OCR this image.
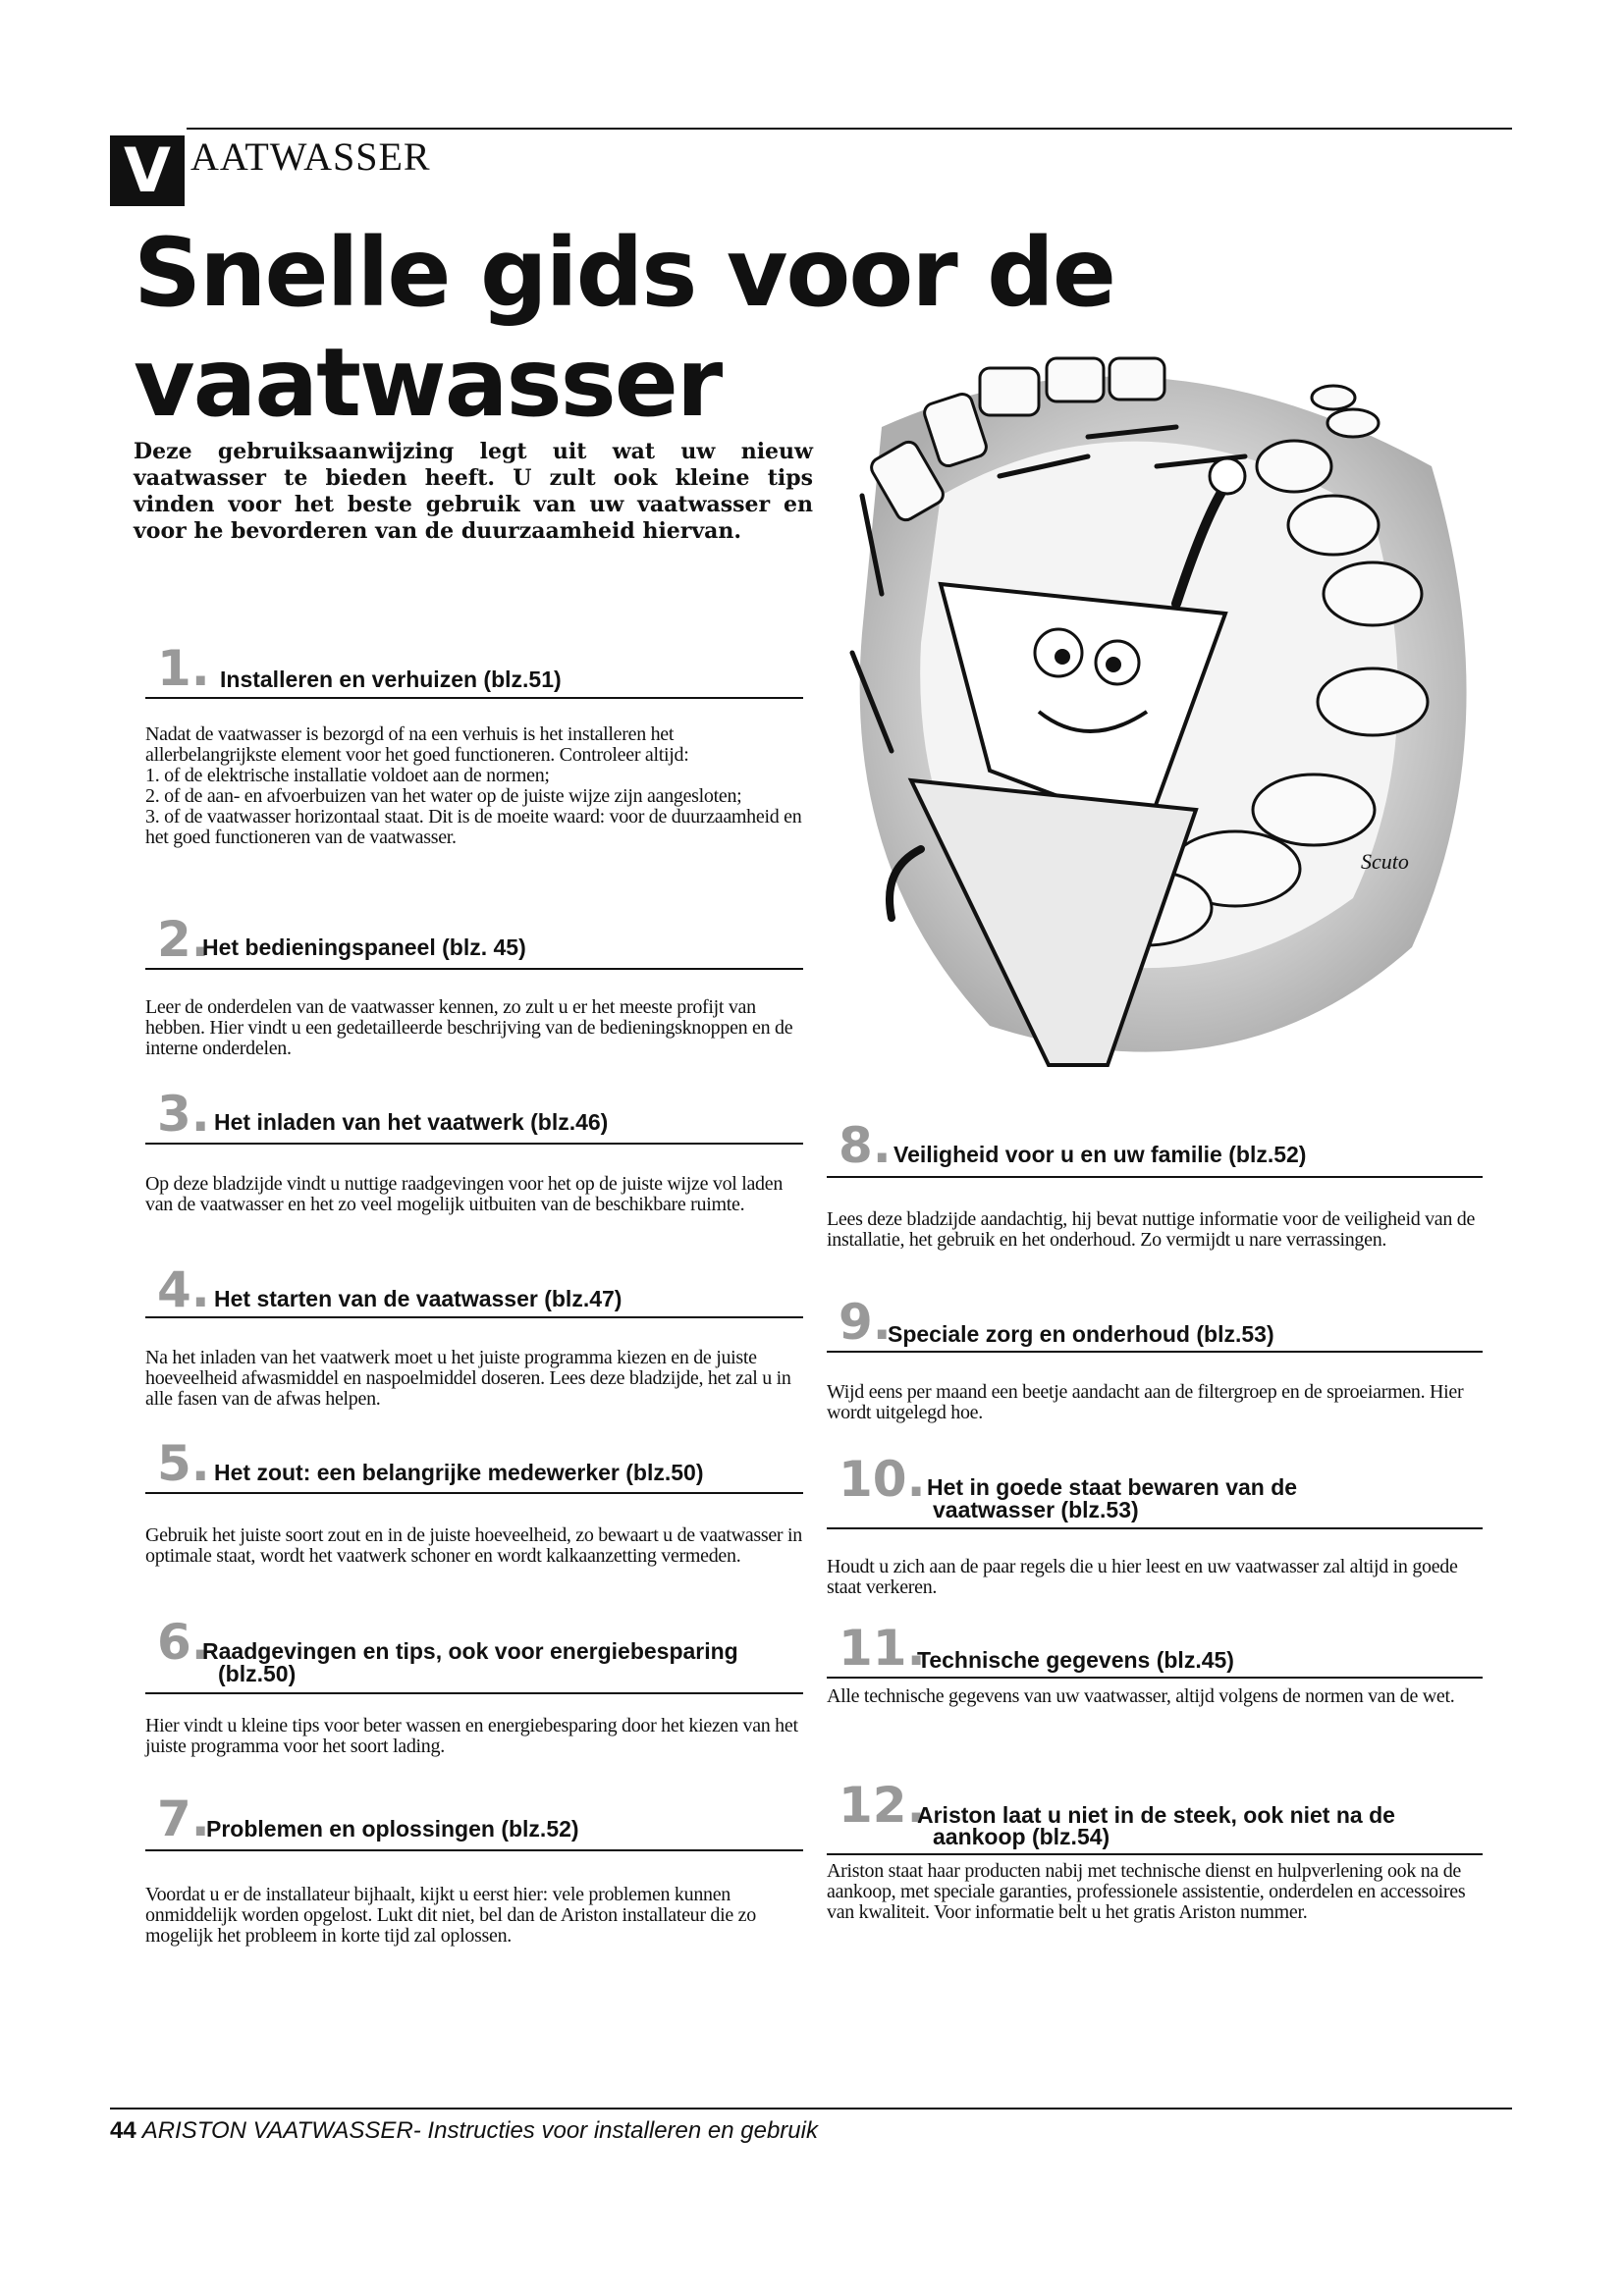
V AATWASSER
Snelle gids voor de vaatwasser

Deze gebruiksaanwijzing legt uit wat uw nieuw vaatwasser te bieden heeft. U zult ook kleine tips vinden voor het beste gebruik van uw vaatwasser en voor he bevorderen van de duurzaamheid hiervan.

Scuto
1. Installeren en verhuizen (blz.51)

Nadat de vaatwasser is bezorgd of na een verhuis is het installeren het allerbelangrijkste element voor het goed functioneren. Controleer altijd:

1. of de elektrische installatie voldoet aan de normen;

2. of de aan- en afvoerbuizen van het water op de juiste wijze zijn aangesloten;

3. of de vaatwasser horizontaal staat. Dit is de moeite waard: voor de duurzaamheid en het goed functioneren van de vaatwasser.

2.
Het bedieningspaneel (blz. 45)

Leer de onderdelen van de vaatwasser kennen, zo zult u er het meeste profijt van hebben. Hier vindt u een gedetailleerde beschrijving van de bedieningsknoppen en de interne onderdelen.

3. Het inladen van het vaatwerk (blz.46)

Op deze bladzijde vindt u nuttige raadgevingen voor het op de juiste wijze vol laden van de vaatwasser en het zo veel mogelijk uitbuiten van de beschikbare ruimte.

4. Het starten van de vaatwasser (blz.47)

Na het inladen van het vaatwerk moet u het juiste programma kiezen en de juiste hoeveelheid afwasmiddel en naspoelmiddel doseren. Lees deze bladzijde, het zal u in alle fasen van de afwas helpen.

5. Het zout: een belangrijke medewerker (blz.50)

Gebruik het juiste soort zout en in de juiste hoeveelheid, zo bewaart u de vaatwasser in optimale staat, wordt het vaatwerk schoner en wordt kalkaanzetting vermeden.

6.
Raadgevingen en tips, ook voor energiebesparing
(blz.50)

Hier vindt u kleine tips voor beter wassen en energiebesparing door het kiezen van het juiste programma voor het soort lading.

7.
Problemen en oplossingen (blz.52)

Voordat u er de installateur bijhaalt, kijkt u eerst hier: vele problemen kunnen onmiddelijk worden opgelost. Lukt dit niet, bel dan de Ariston installateur die zo mogelijk het probleem in korte tijd zal oplossen.

8. Veiligheid voor u en uw familie (blz.52)

Lees deze bladzijde aandachtig, hij bevat nuttige informatie voor de veiligheid van de installatie, het gebruik en het onderhoud. Zo vermijdt u nare verrassingen.

9.
Speciale zorg en onderhoud (blz.53)

Wijd eens per maand een beetje aandacht aan de filtergroep en de sproeiarmen. Hier wordt uitgelegd hoe.

10. Het in goede staat bewaren van de
vaatwasser (blz.53)

Houdt u zich aan de paar regels die u hier leest en uw vaatwasser zal altijd in goede staat verkeren.

11.
Technische gegevens (blz.45)

Alle technische gegevens van uw vaatwasser, altijd volgens de normen van de wet.

12.
Ariston laat u niet in de steek, ook niet na de
aankoop (blz.54)

Ariston staat haar producten nabij met technische dienst en hulpverlening ook na de aankoop, met speciale garanties, professionele assistentie, onderdelen en accessoires van kwaliteit. Voor informatie belt u het gratis Ariston nummer.

44 ARISTON VAATWASSER- Instructies voor installeren en gebruik
